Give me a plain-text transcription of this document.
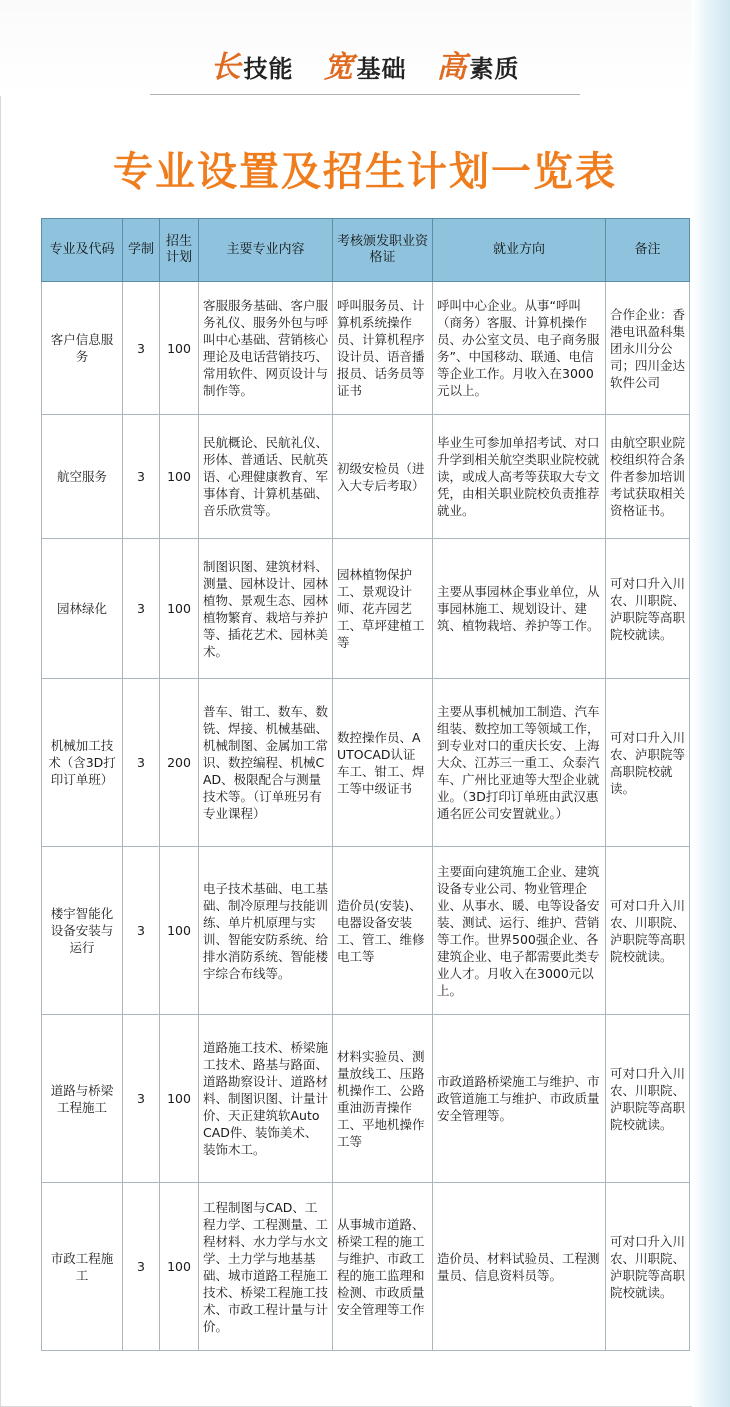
长技能 宽基础 高素质
专业设置及招生计划一览表
专业及代码	学制	招生计划	主要专业内容	考核颁发职业资格证	就业方向	备注
客户信息服务	3	100	客服服务基础、客户服务礼仪、服务外包与呼叫中心基础、营销核心理论及电话营销技巧、常用软件、网页设计与制作等。	呼叫服务员、计算机系统操作员、计算机程序设计员、语音播报员、话务员等证书	呼叫中心企业。从事“呼叫（商务）客服、计算机操作员、办公室文员、电子商务服务”、中国移动、联通、电信等企业工作。月收入在3000元以上。	合作企业：香港电讯盈科集团永川分公司；四川金达软件公司
航空服务	3	100	民航概论、民航礼仪、形体、普通话、民航英语、心理健康教育、军事体育、计算机基础、音乐欣赏等。	初级安检员（进入大专后考取）	毕业生可参加单招考试、对口升学到相关航空类职业院校就读，或成人高考等获取大专文凭，由相关职业院校负责推荐就业。	由航空职业院校组织符合条件者参加培训考试获取相关资格证书。
园林绿化	3	100	制图识图、建筑材料、测量、园林设计、园林植物、景观生态、园林植物繁育、栽培与养护等、插花艺术、园林美术。	园林植物保护工、景观设计师、花卉园艺工、草坪建植工等	主要从事园林企事业单位，从事园林施工、规划设计、建筑、植物栽培、养护等工作。	可对口升入川农、川职院、泸职院等高职院校就读。
机械加工技术（含3D打印订单班）	3	200	普车、钳工、数车、数铣、焊接、机械基础、机械制图、金属加工常识、数控编程、机械CAD、极限配合与测量技术等。（订单班另有专业课程）	数控操作员、AUTOCAD认证车工、钳工、焊工等中级证书	主要从事机械加工制造、汽车组装、数控加工等领域工作，到专业对口的重庆长安、上海大众、江苏三一重工、众泰汽车、广州比亚迪等大型企业就业。（3D打印订单班由武汉惠通名匠公司安置就业。）	可对口升入川农、泸职院等高职院校就读。
楼宇智能化设备安装与运行	3	100	电子技术基础、电工基础、制冷原理与技能训练、单片机原理与实训、智能安防系统、给排水消防系统、智能楼宇综合布线等。	造价员(安装)、电器设备安装工、管工、维修电工等	主要面向建筑施工企业、建筑设备专业公司、物业管理企业、从事水、暖、电等设备安装、测试、运行、维护、营销等工作。世界500强企业、各建筑企业、电子都需要此类专业人才。月收入在3000元以上。	可对口升入川农、川职院、泸职院等高职院校就读。
道路与桥梁工程施工	3	100	道路施工技术、桥梁施工技术、路基与路面、道路勘察设计、道路材料、制图识图、计量计价、天正建筑软AutoCAD件、装饰美术、装饰木工。	材料实验员、测量放线工、压路机操作工、公路重油沥青操作工、平地机操作工等	市政道路桥梁施工与维护、市政管道施工与维护、市政质量安全管理等。	可对口升入川农、川职院、泸职院等高职院校就读。
市政工程施工	3	100	工程制图与CAD、工程力学、工程测量、工程材料、水力学与水文学、土力学与地基基础、城市道路工程施工技术、桥梁工程施工技术、市政工程计量与计价。	从事城市道路、桥梁工程的施工与维护、市政工程的施工监理和检测、市政质量安全管理等工作	造价员、材料试验员、工程测量员、信息资料员等。	可对口升入川农、川职院、泸职院等高职院校就读。
